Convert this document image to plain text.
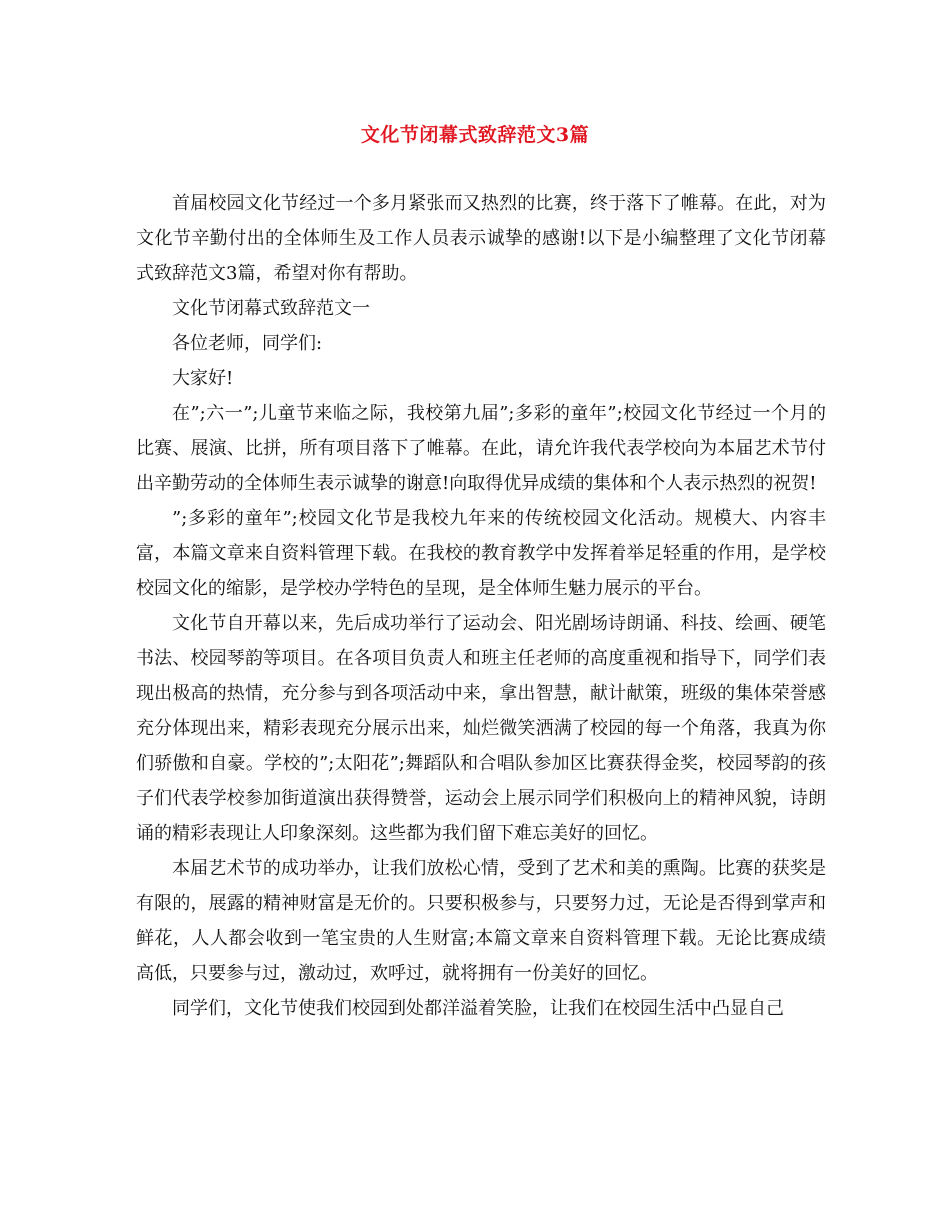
文化节闭幕式致辞范文3篇

首届校园文化节经过一个多月紧张而又热烈的比赛，终于落下了帷幕。在此，对为文化节辛勤付出的全体师生及工作人员表示诚挚的感谢!以下是小编整理了文化节闭幕式致辞范文3篇，希望对你有帮助。

文化节闭幕式致辞范文一

各位老师，同学们:

大家好!

在”;六一”;儿童节来临之际，我校第九届”;多彩的童年”;校园文化节经过一个月的比赛、展演、比拼，所有项目落下了帷幕。在此，请允许我代表学校向为本届艺术节付出辛勤劳动的全体师生表示诚挚的谢意!向取得优异成绩的集体和个人表示热烈的祝贺!

”;多彩的童年”;校园文化节是我校九年来的传统校园文化活动。规模大、内容丰富，本篇文章来自资料管理下载。在我校的教育教学中发挥着举足轻重的作用，是学校校园文化的缩影，是学校办学特色的呈现，是全体师生魅力展示的平台。

文化节自开幕以来，先后成功举行了运动会、阳光剧场诗朗诵、科技、绘画、硬笔书法、校园琴韵等项目。在各项目负责人和班主任老师的高度重视和指导下，同学们表现出极高的热情，充分参与到各项活动中来，拿出智慧，献计献策，班级的集体荣誉感充分体现出来，精彩表现充分展示出来，灿烂微笑洒满了校园的每一个角落，我真为你们骄傲和自豪。学校的”;太阳花”;舞蹈队和合唱队参加区比赛获得金奖，校园琴韵的孩子们代表学校参加街道演出获得赞誉，运动会上展示同学们积极向上的精神风貌，诗朗诵的精彩表现让人印象深刻。这些都为我们留下难忘美好的回忆。

本届艺术节的成功举办，让我们放松心情，受到了艺术和美的熏陶。比赛的获奖是有限的，展露的精神财富是无价的。只要积极参与，只要努力过，无论是否得到掌声和鲜花，人人都会收到一笔宝贵的人生财富;本篇文章来自资料管理下载。无论比赛成绩高低，只要参与过，激动过，欢呼过，就将拥有一份美好的回忆。

同学们，文化节使我们校园到处都洋溢着笑脸，让我们在校园生活中凸显自己
